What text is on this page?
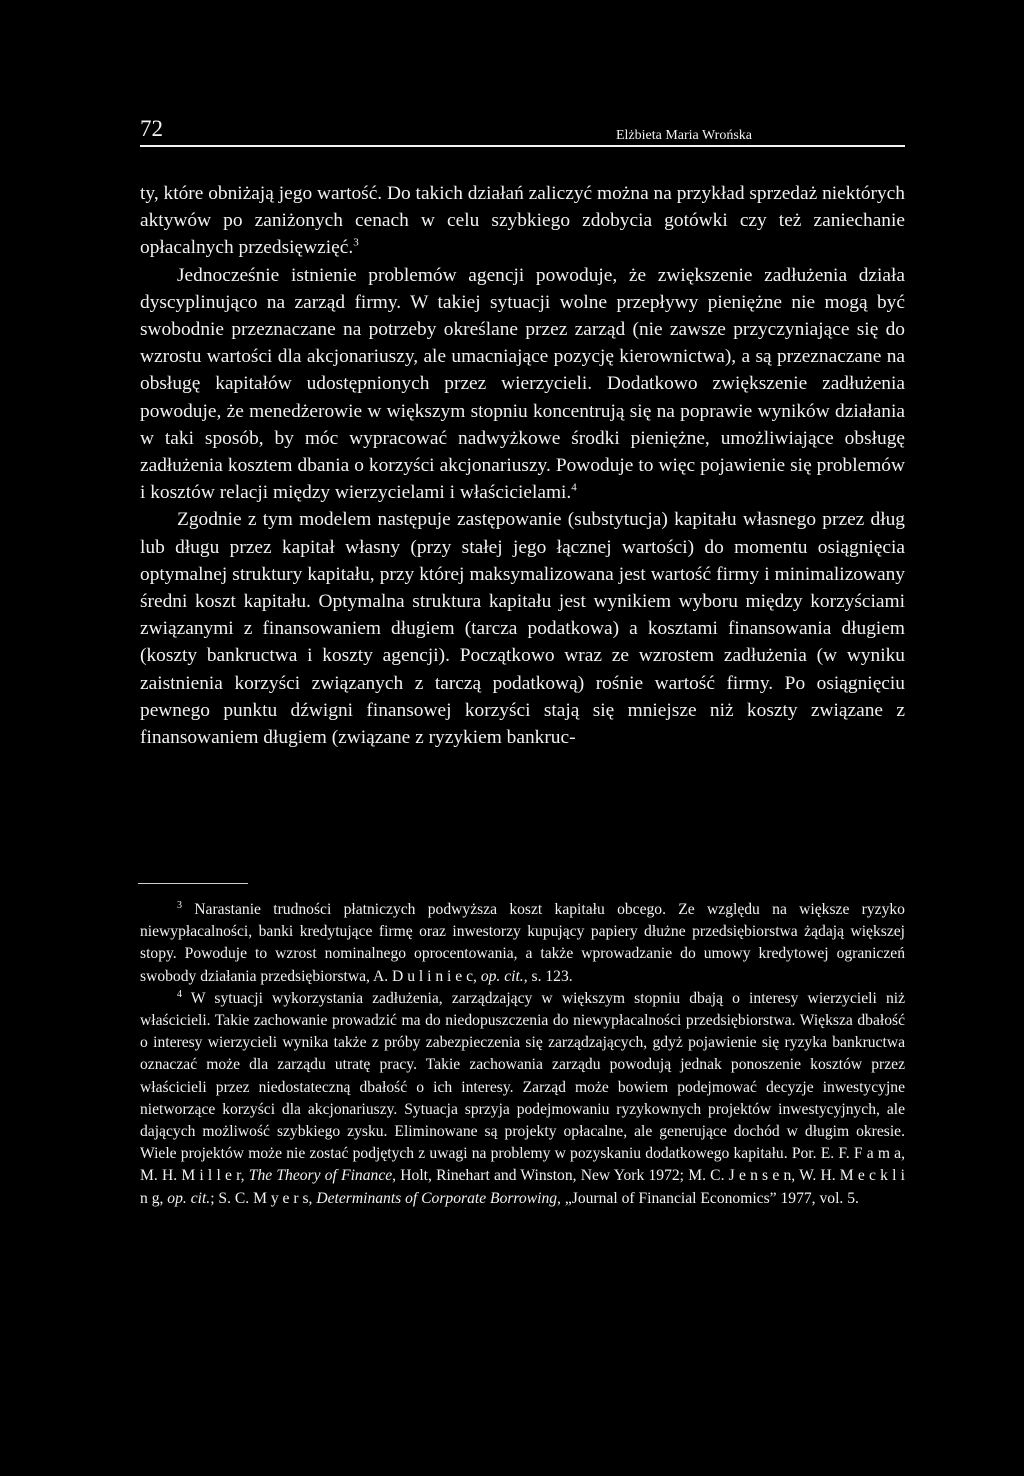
72	Elżbieta Maria Wrońska

ty, które obniżają jego wartość. Do takich działań zaliczyć można na przykład sprzedaż niektórych aktywów po zaniżonych cenach w celu szybkiego zdobycia gotówki czy też zaniechanie opłacalnych przedsięwzięć.$^3$

Jednocześnie istnienie problemów agencji powoduje, że zwiększenie zadłużenia działa dyscyplinująco na zarząd firmy. W takiej sytuacji wolne przepływy pieniężne nie mogą być swobodnie przeznaczane na potrzeby określane przez zarząd (nie zawsze przyczyniające się do wzrostu wartości dla akcjonariuszy, ale umacniające pozycję kierownictwa), a są przeznaczane na obsługę kapitałów udostępnionych przez wierzycieli. Dodatkowo zwiększenie zadłużenia powoduje, że menedżerowie w większym stopniu koncentrują się na poprawie wyników działania w taki sposób, by móc wypracować nadwyżkowe środki pieniężne, umożliwiające obsługę zadłużenia kosztem dbania o korzyści akcjonariuszy. Powoduje to więc pojawienie się problemów i kosztów relacji między wierzycielami i właścicielami.$^4$

Zgodnie z tym modelem następuje zastępowanie (substytucja) kapitału własnego przez dług lub długu przez kapitał własny (przy stałej jego łącznej wartości) do momentu osiągnięcia optymalnej struktury kapitału, przy której maksymalizowana jest wartość firmy i minimalizowany średni koszt kapitału. Optymalna struktura kapitału jest wynikiem wyboru między korzyściami związanymi z finansowaniem długiem (tarcza podatkowa) a kosztami finansowania długiem (koszty bankructwa i koszty agencji). Początkowo wraz ze wzrostem zadłużenia (w wyniku zaistnienia korzyści związanych z tarczą podatkową) rośnie wartość firmy. Po osiągnięciu pewnego punktu dźwigni finansowej korzyści stają się mniejsze niż koszty związane z finansowaniem długiem (związane z ryzykiem bankruc-

$^3$ Narastanie trudności płatniczych podwyższa koszt kapitału obcego. Ze względu na większe ryzyko niewypłacalności, banki kredytujące firmę oraz inwestorzy kupujący papiery dłużne przedsiębiorstwa żądają większej stopy. Powoduje to wzrost nominalnego oprocentowania, a także wprowadzanie do umowy kredytowej ograniczeń swobody działania przedsiębiorstwa, A. D u l i n i e c, op. cit., s. 123.

$^4$ W sytuacji wykorzystania zadłużenia, zarządzający w większym stopniu dbają o interesy wierzycieli niż właścicieli. Takie zachowanie prowadzić ma do niedopuszczenia do niewypłacalności przedsiębiorstwa. Większa dbałość o interesy wierzycieli wynika także z próby zabezpieczenia się zarządzających, gdyż pojawienie się ryzyka bankructwa oznaczać może dla zarządu utratę pracy. Takie zachowania zarządu powodują jednak ponoszenie kosztów przez właścicieli przez niedostateczną dbałość o ich interesy. Zarząd może bowiem podejmować decyzje inwestycyjne nietworzące korzyści dla akcjonariuszy. Sytuacja sprzyja podejmowaniu ryzykownych projektów inwestycyjnych, ale dających możliwość szybkiego zysku. Eliminowane są projekty opłacalne, ale generujące dochód w długim okresie. Wiele projektów może nie zostać podjętych z uwagi na problemy w pozyskaniu dodatkowego kapitału. Por. E. F. F a m a, M. H. M i l l e r, The Theory of Finance, Holt, Rinehart and Winston, New York 1972; M. C. J e n s e n, W. H. M e c k l i n g, op. cit.; S. C. M y e r s, Determinants of Corporate Borrowing, „Journal of Financial Economics” 1977, vol. 5.
